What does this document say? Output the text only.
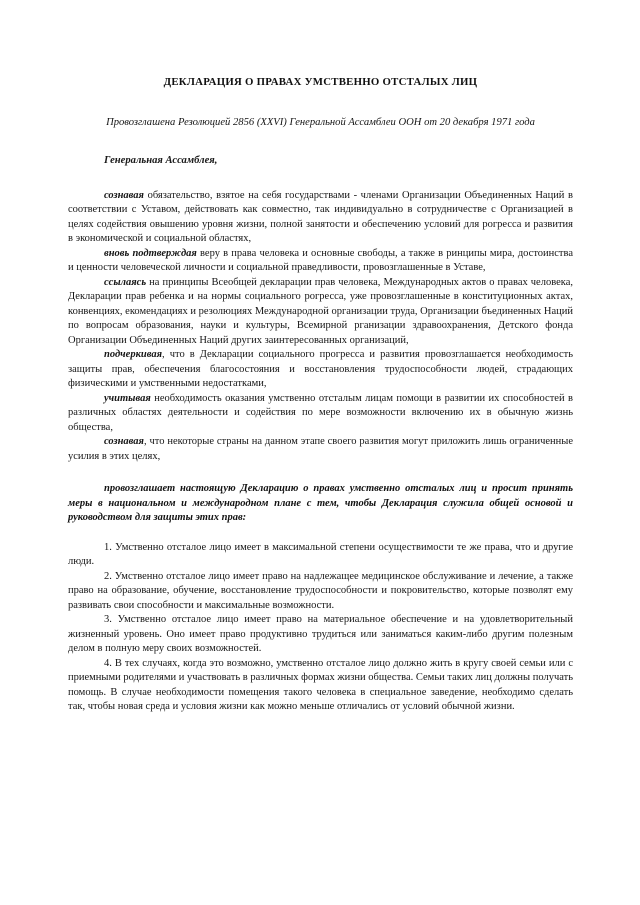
ДЕКЛАРАЦИЯ О ПРАВАХ УМСТВЕННО ОТСТАЛЫХ ЛИЦ

Провозглашена Резолюцией 2856 (XXVI) Генеральной Ассамблеи ООН от 20 декабря 1971 года

Генеральная Ассамблея,

сознавая обязательство, взятое на себя государствами - членами Организации Объединенных Наций в соответствии с Уставом, действовать как совместно, так индивидуально в сотрудничестве с Организацией в целях содействия овышению уровня жизни, полной занятости и обеспечению условий для рогресса и развития в экономической и социальной областях,

вновь подтверждая веру в права человека и основные свободы, а также в ринципы мира, достоинства и ценности человеческой личности и социальной праведливости, провозглашенные в Уставе,

ссылаясь на принципы Всеобщей декларации прав человека, Международных актов о правах человека, Декларации прав ребенка и на нормы социального рогресса, уже провозглашенные в конституционных актах, конвенциях, екомендациях и резолюциях Международной организации труда, Организации бъединенных Наций по вопросам образования, науки и культуры, Всемирной рганизации здравоохранения, Детского фонда Организации Объединенных Наций других заинтересованных организаций,

подчеркивая, что в Декларации социального прогресса и развития провозглашается необходимость защиты прав, обеспечения благосостояния и восстановления трудоспособности людей, страдающих физическими и умственными недостатками,

учитывая необходимость оказания умственно отсталым лицам помощи в развитии их способностей в различных областях деятельности и содействия по мере возможности включению их в обычную жизнь общества,

сознавая, что некоторые страны на данном этапе своего развития могут приложить лишь ограниченные усилия в этих целях,

провозглашает настоящую Декларацию о правах умственно отсталых лиц и просит принять меры в национальном и международном плане с тем, чтобы Декларация служила общей основой и руководством для защиты этих прав:

1. Умственно отсталое лицо имеет в максимальной степени осуществимости те же права, что и другие люди.

2. Умственно отсталое лицо имеет право на надлежащее медицинское обслуживание и лечение, а также право на образование, обучение, восстановление трудоспособности и покровительство, которые позволят ему развивать свои способности и максимальные возможности.

3. Умственно отсталое лицо имеет право на материальное обеспечение и на удовлетворительный жизненный уровень. Оно имеет право продуктивно трудиться или заниматься каким-либо другим полезным делом в полную меру своих возможностей.

4. В тех случаях, когда это возможно, умственно отсталое лицо должно жить в кругу своей семьи или с приемными родителями и участвовать в различных формах жизни общества. Семьи таких лиц должны получать помощь. В случае необходимости помещения такого человека в специальное заведение, необходимо сделать так, чтобы новая среда и условия жизни как можно меньше отличались от условий обычной жизни.
